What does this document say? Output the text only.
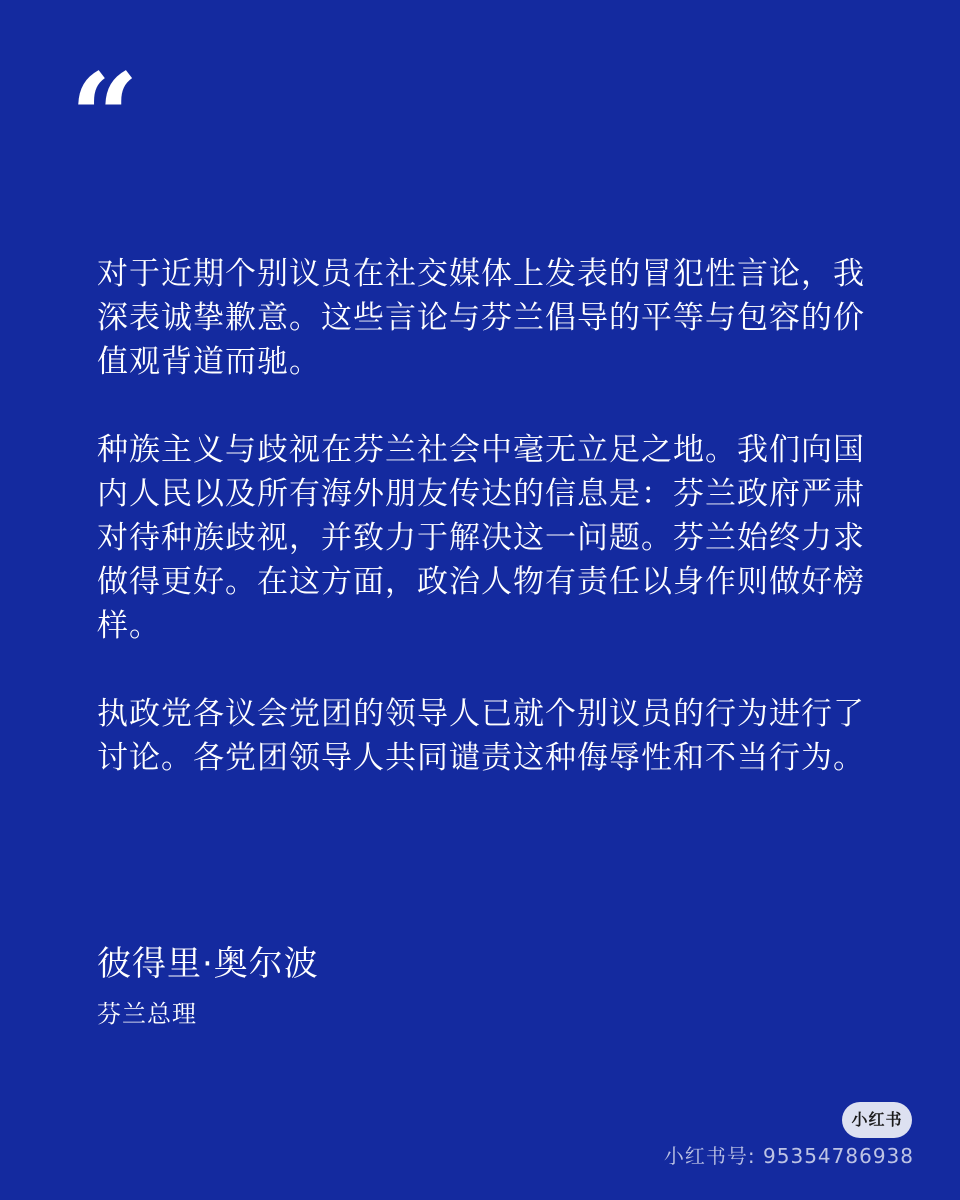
“

对于近期个别议员在社交媒体上发表的冒犯性言论，我深表诚挚歉意。这些言论与芬兰倡导的平等与包容的价值观背道而驰。

种族主义与歧视在芬兰社会中毫无立足之地。我们向国内人民以及所有海外朋友传达的信息是：芬兰政府严肃对待种族歧视，并致力于解决这一问题。芬兰始终力求做得更好。在这方面，政治人物有责任以身作则做好榜样。

执政党各议会党团的领导人已就个别议员的行为进行了讨论。各党团领导人共同谴责这种侮辱性和不当行为。

彼得里·奥尔波
芬兰总理
小红书
小红书号: 95354786938
